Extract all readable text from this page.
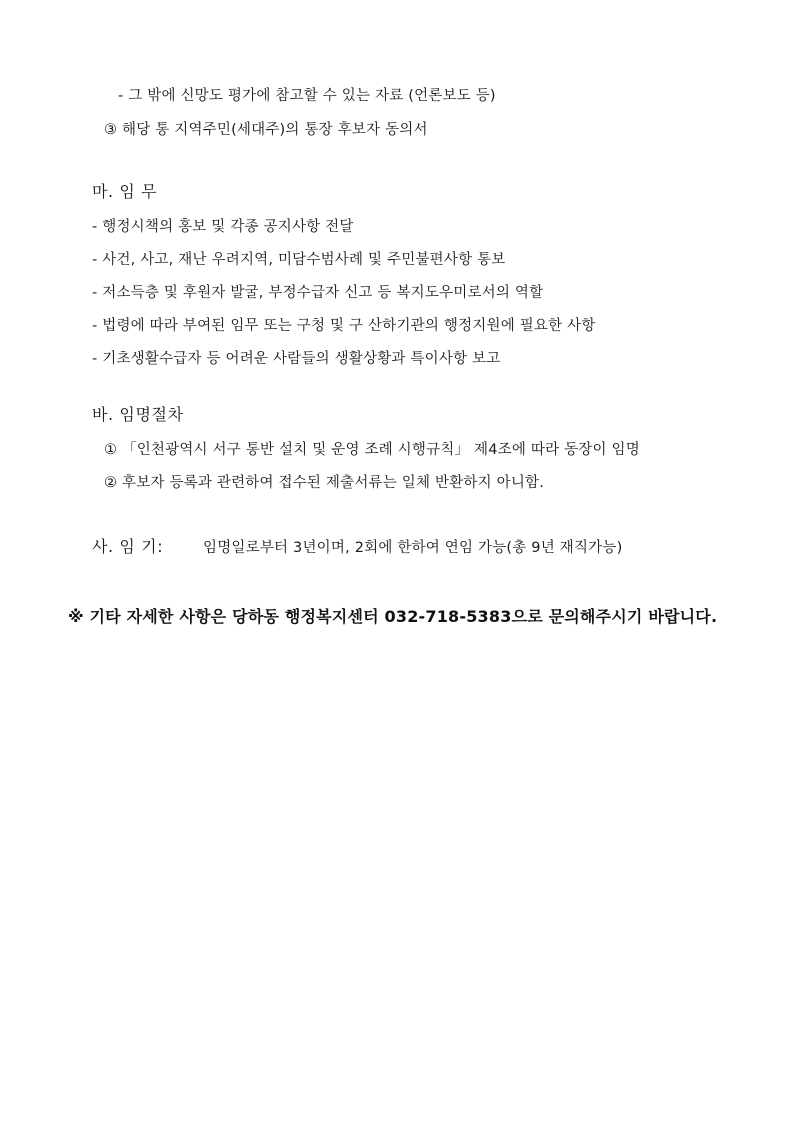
- 그 밖에 신망도 평가에 참고할 수 있는 자료 (언론보도 등)
③ 해당 통 지역주민(세대주)의 통장 후보자 동의서
마. 임 무
- 행정시책의 홍보 및 각종 공지사항 전달
- 사건, 사고, 재난 우려지역, 미담수범사례 및 주민불편사항 통보
- 저소득층 및 후원자 발굴, 부정수급자 신고 등 복지도우미로서의 역할
- 법령에 따라 부여된 임무 또는 구청 및 구 산하기관의 행정지원에 필요한 사항
- 기초생활수급자 등 어려운 사람들의 생활상황과 특이사항 보고
바. 임명절차
① 「인천광역시 서구 통반 설치 및 운영 조례 시행규칙」 제4조에 따라 동장이 임명
② 후보자 등록과 관련하여 접수된 제출서류는 일체 반환하지 아니함.
사. 임 기:	임명일로부터 3년이며, 2회에 한하여 연임 가능(총 9년 재직가능)
※ 기타 자세한 사항은 당하동 행정복지센터 032-718-5383으로 문의해주시기 바랍니다.
